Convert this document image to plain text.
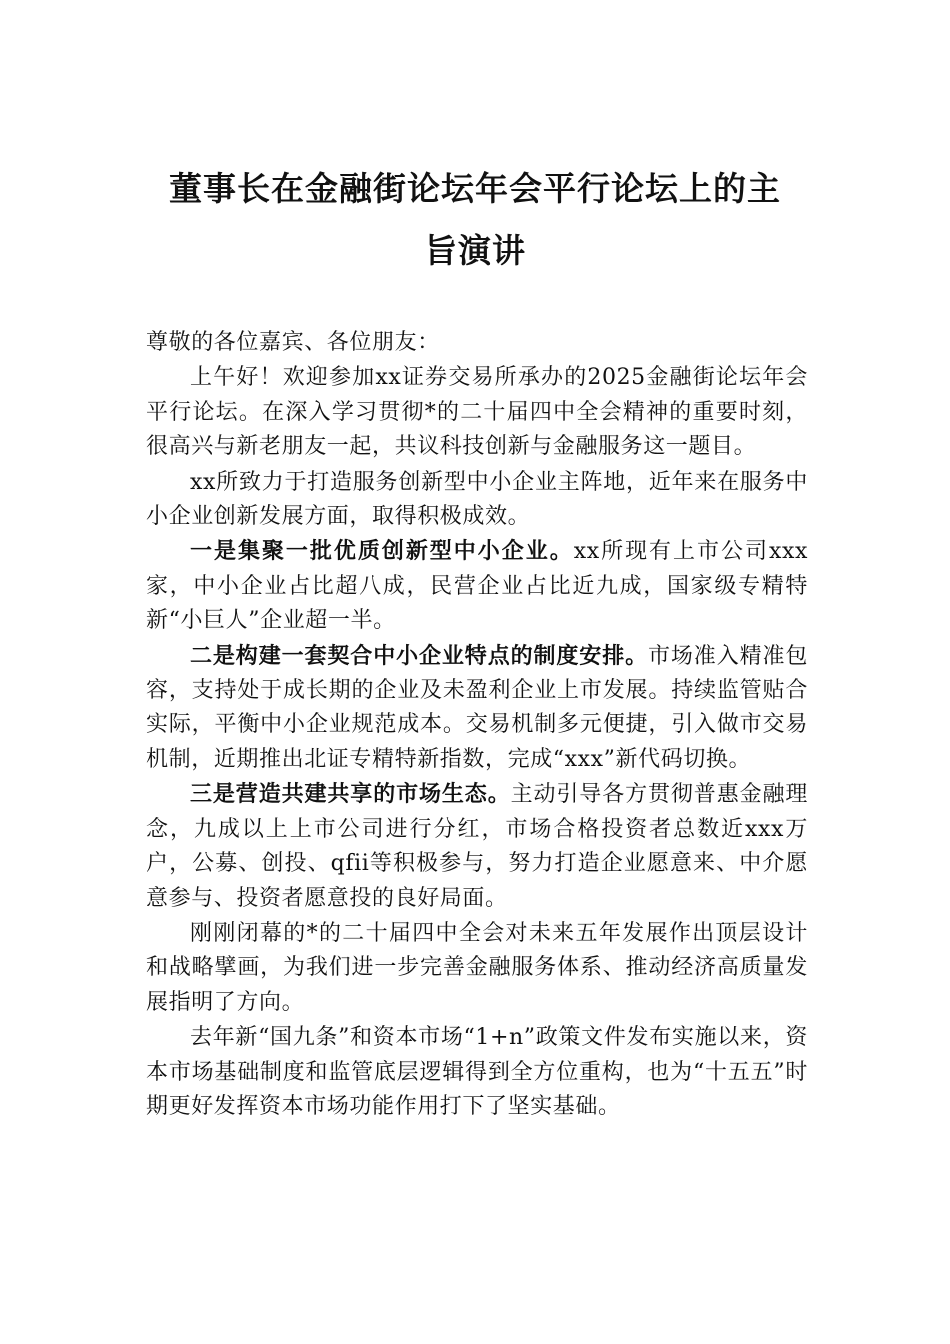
董事长在金融街论坛年会平行论坛上的主
旨演讲

尊敬的各位嘉宾、各位朋友：

上午好！欢迎参加xx证券交易所承办的2025金融街论坛年会平行论坛。在深入学习贯彻*的二十届四中全会精神的重要时刻，很高兴与新老朋友一起，共议科技创新与金融服务这一题目。

xx所致力于打造服务创新型中小企业主阵地，近年来在服务中小企业创新发展方面，取得积极成效。

一是集聚一批优质创新型中小企业。xx所现有上市公司xxx家，中小企业占比超八成，民营企业占比近九成，国家级专精特新“小巨人”企业超一半。

二是构建一套契合中小企业特点的制度安排。市场准入精准包容，支持处于成长期的企业及未盈利企业上市发展。持续监管贴合实际，平衡中小企业规范成本。交易机制多元便捷，引入做市交易机制，近期推出北证专精特新指数，完成“xxx”新代码切换。

三是营造共建共享的市场生态。主动引导各方贯彻普惠金融理念，九成以上上市公司进行分红，市场合格投资者总数近xxx万户，公募、创投、qfii等积极参与，努力打造企业愿意来、中介愿意参与、投资者愿意投的良好局面。

刚刚闭幕的*的二十届四中全会对未来五年发展作出顶层设计和战略擘画，为我们进一步完善金融服务体系、推动经济高质量发展指明了方向。

去年新“国九条”和资本市场“1+n”政策文件发布实施以来，资本市场基础制度和监管底层逻辑得到全方位重构，也为“十五五”时期更好发挥资本市场功能作用打下了坚实基础。
